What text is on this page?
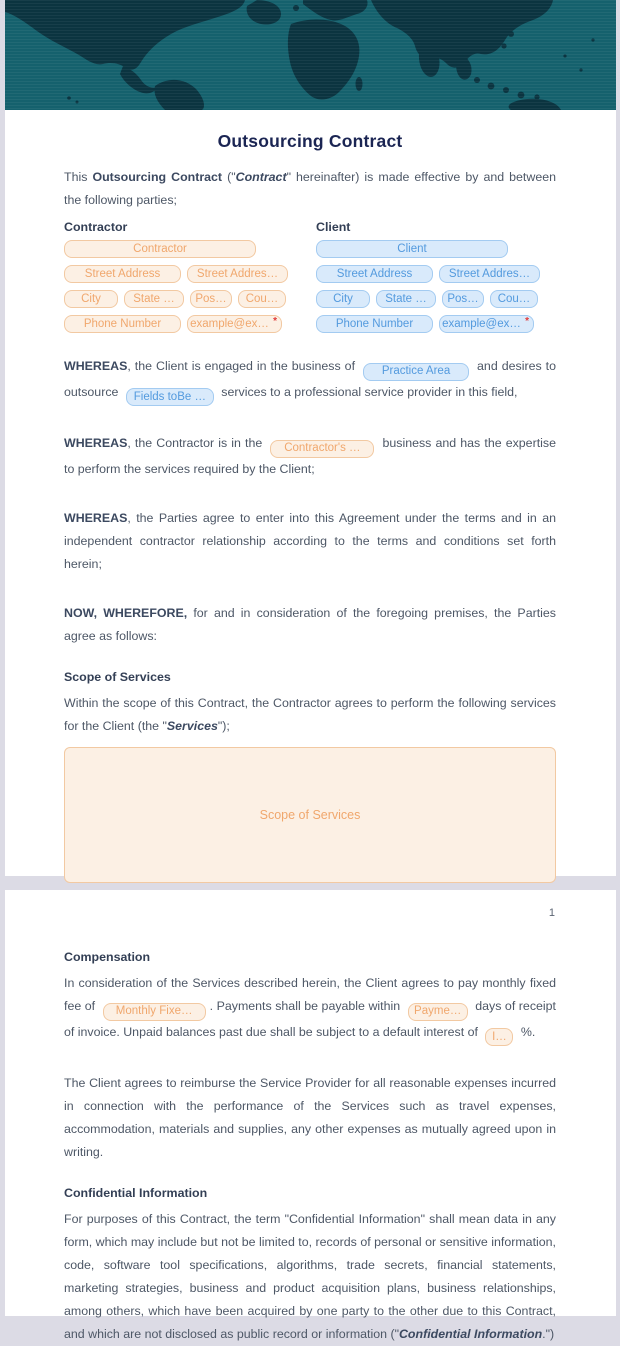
Outsourcing Contract

This Outsourcing Contract ("Contract" hereinafter) is made effective by and between the following parties;

Contractor
Contractor
Street Address	Street Addres…
City	State …	Pos…	Cou…
Phone Number	example@ex… *
Client
Client
Street Address	Street Addres…
City	State …	Pos…	Cou…
Phone Number	example@ex… *

WHEREAS, the Client is engaged in the business of Practice Area and desires to outsource Fields toBe … services to a professional service provider in this field,

WHEREAS, the Contractor is in the Contractor's … business and has the expertise to perform the services required by the Client;

WHEREAS, the Parties agree to enter into this Agreement under the terms and in an independent contractor relationship according to the terms and conditions set forth herein;

NOW, WHEREFORE, for and in consideration of the foregoing premises, the Parties agree as follows:

Scope of Services

Within the scope of this Contract, the Contractor agrees to perform the following services for the Client (the "Services");

Scope of Services
1
Compensation

In consideration of the Services described herein, the Client agrees to pay monthly fixed fee of Monthly Fixe… . Payments shall be payable within Payme… days of receipt of invoice. Unpaid balances past due shall be subject to a default interest of I… %.

The Client agrees to reimburse the Service Provider for all reasonable expenses incurred in connection with the performance of the Services such as travel expenses, accommodation, materials and supplies, any other expenses as mutually agreed upon in writing.

Confidential Information

For purposes of this Contract, the term "Confidential Information" shall mean data in any form, which may include but not be limited to, records of personal or sensitive information, code, software tool specifications, algorithms, trade secrets, financial statements, marketing strategies, business and product acquisition plans, business relationships, among others, which have been acquired by one party to the other due to this Contract, and which are not disclosed as public record or information ("Confidential Information.")
